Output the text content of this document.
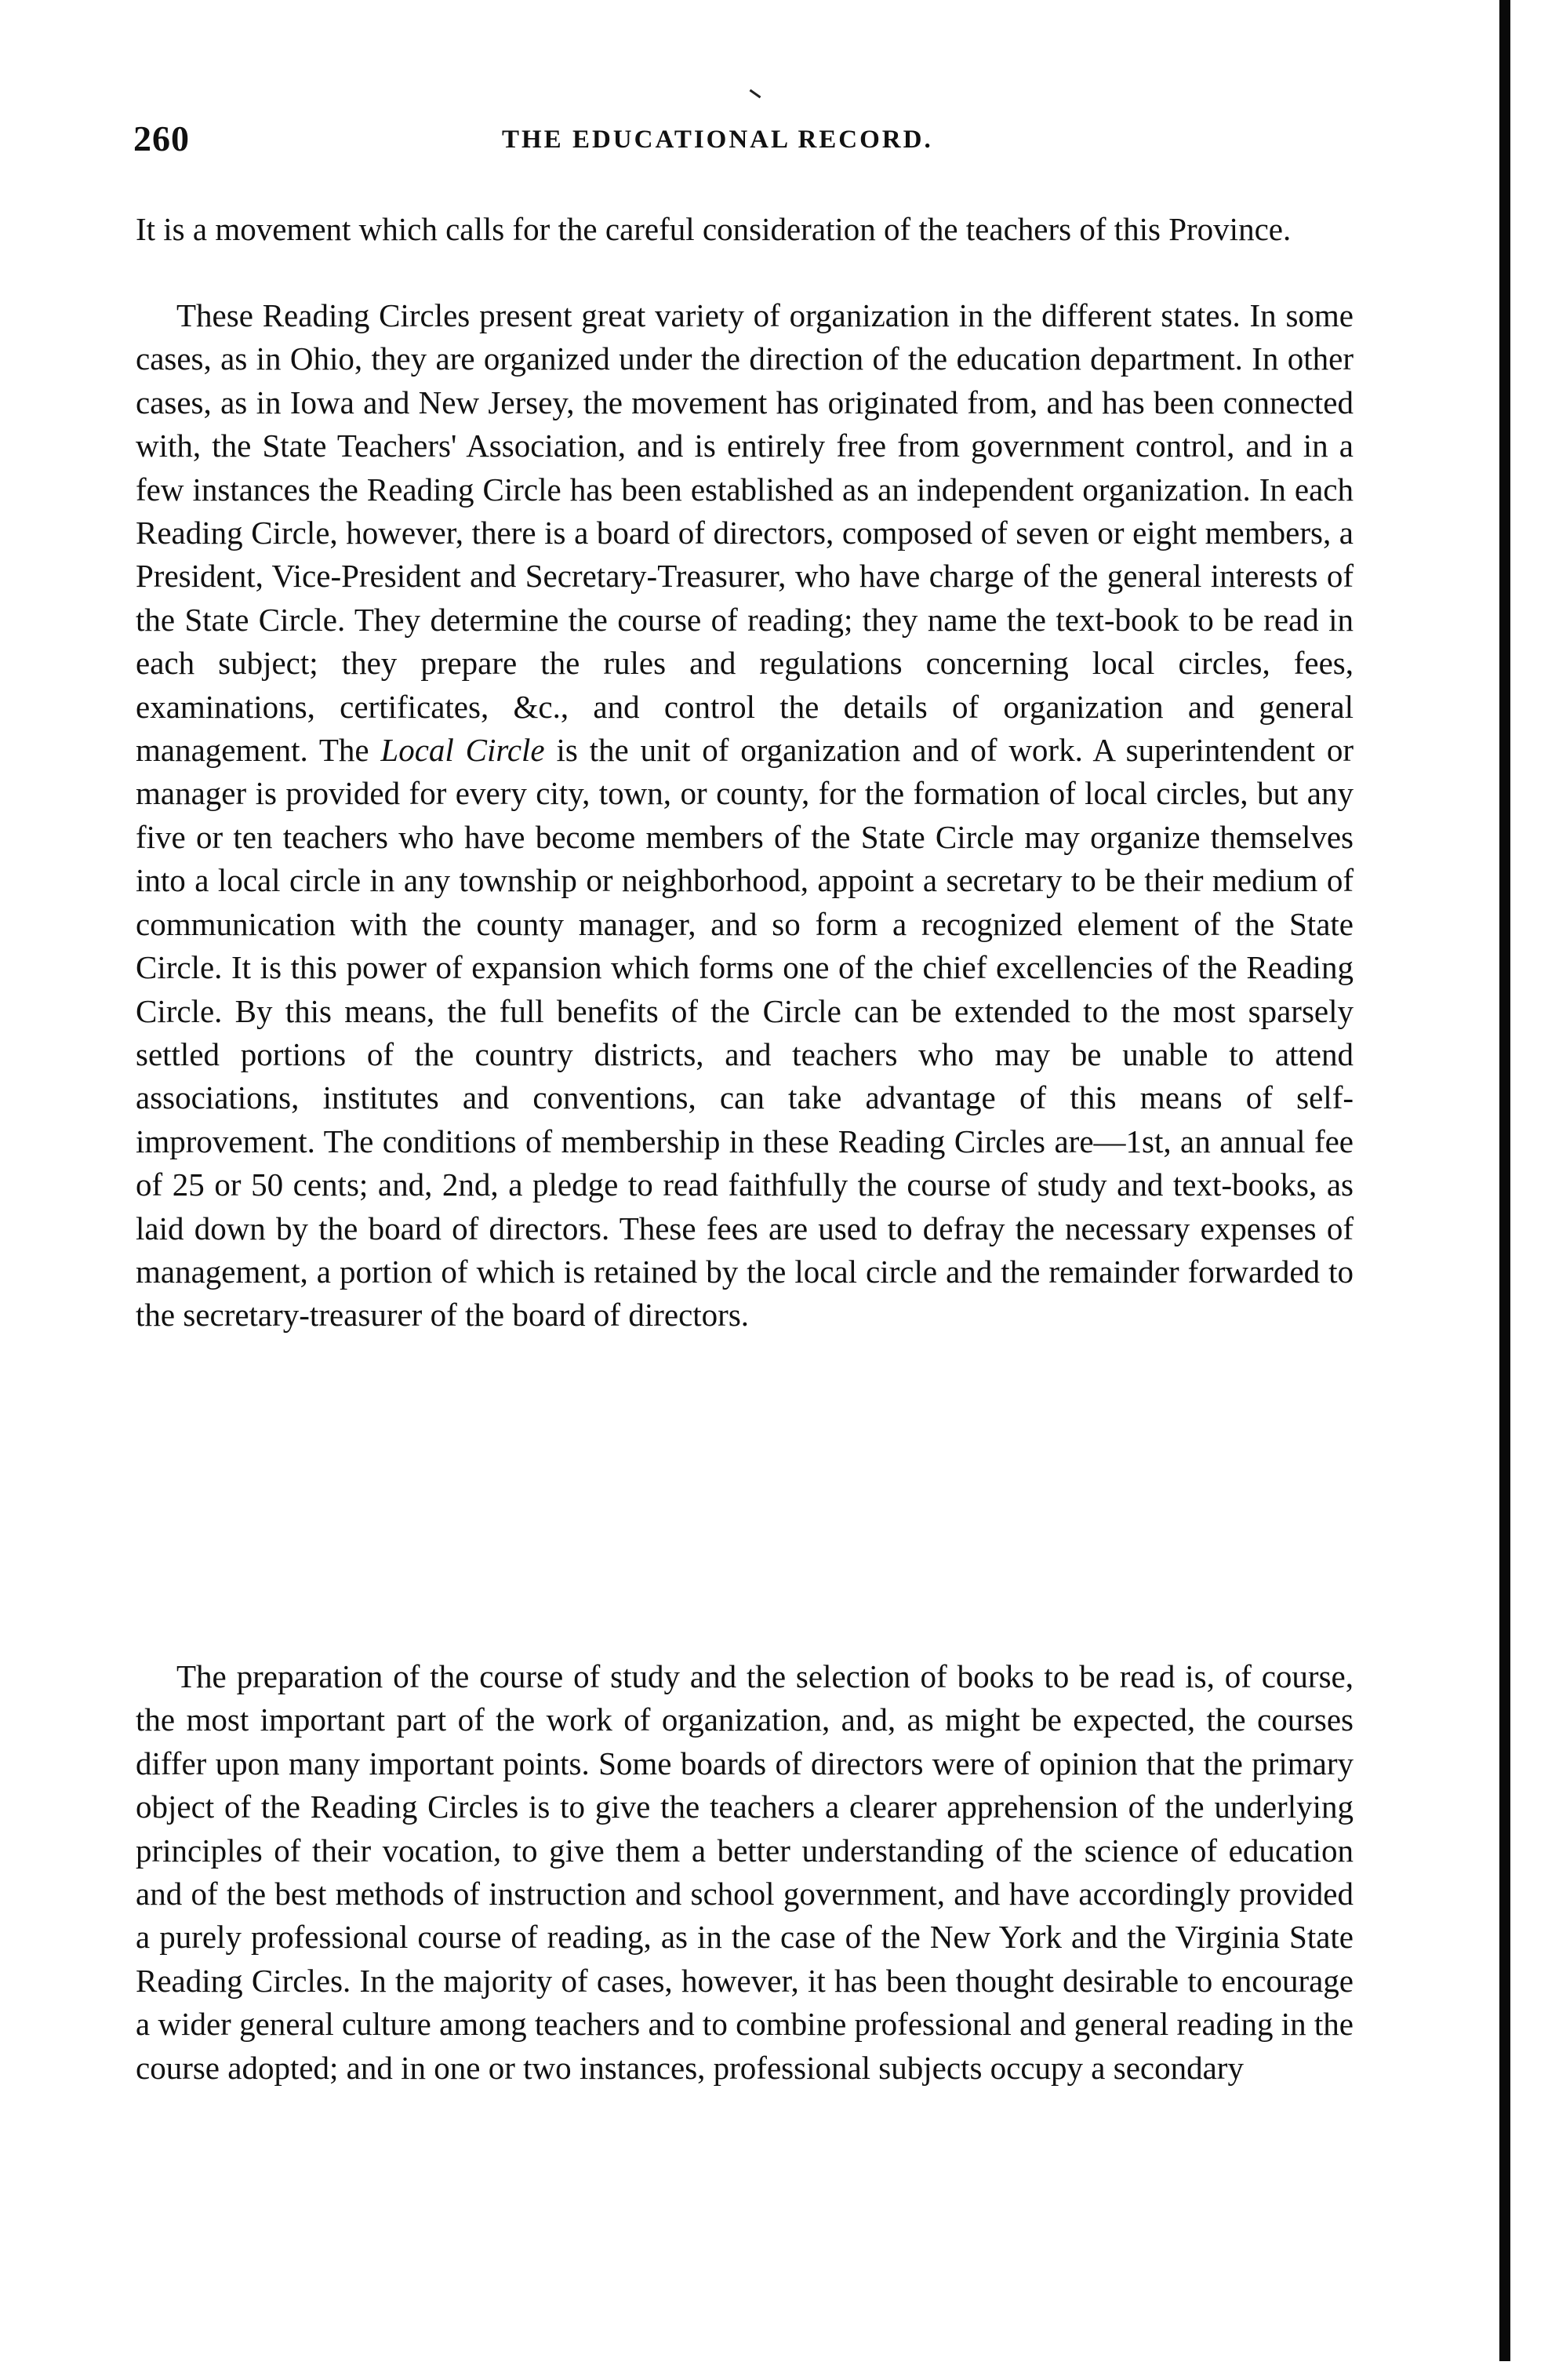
260	THE EDUCATIONAL RECORD.

It is a movement which calls for the careful consideration of the teachers of this Province.

These Reading Circles present great variety of organization in the different states. In some cases, as in Ohio, they are organized under the direction of the education department. In other cases, as in Iowa and New Jersey, the movement has originated from, and has been connected with, the State Teachers' Association, and is entirely free from government control, and in a few instances the Reading Circle has been established as an independent organization. In each Reading Circle, however, there is a board of directors, composed of seven or eight members, a President, Vice-President and Secretary-Treasurer, who have charge of the general interests of the State Circle. They determine the course of reading; they name the text-book to be read in each subject; they prepare the rules and regulations concerning local circles, fees, examinations, certificates, &c., and control the details of organization and general management. The Local Circle is the unit of organization and of work. A superintendent or manager is provided for every city, town, or county, for the formation of local circles, but any five or ten teachers who have become members of the State Circle may organize themselves into a local circle in any township or neighborhood, appoint a secretary to be their medium of communication with the county manager, and so form a recognized element of the State Circle. It is this power of expansion which forms one of the chief excellencies of the Reading Circle. By this means, the full benefits of the Circle can be extended to the most sparsely settled portions of the country districts, and teachers who may be unable to attend associations, institutes and conventions, can take advantage of this means of self-improvement. The conditions of membership in these Reading Circles are—1st, an annual fee of 25 or 50 cents; and, 2nd, a pledge to read faithfully the course of study and text-books, as laid down by the board of directors. These fees are used to defray the necessary expenses of management, a portion of which is retained by the local circle and the remainder forwarded to the secretary-treasurer of the board of directors.

The preparation of the course of study and the selection of books to be read is, of course, the most important part of the work of organization, and, as might be expected, the courses differ upon many important points. Some boards of directors were of opinion that the primary object of the Reading Circles is to give the teachers a clearer apprehension of the underlying principles of their vocation, to give them a better understanding of the science of education and of the best methods of instruction and school government, and have accordingly provided a purely professional course of reading, as in the case of the New York and the Virginia State Reading Circles. In the majority of cases, however, it has been thought desirable to encourage a wider general culture among teachers and to combine professional and general reading in the course adopted; and in one or two instances, professional subjects occupy a secondary
